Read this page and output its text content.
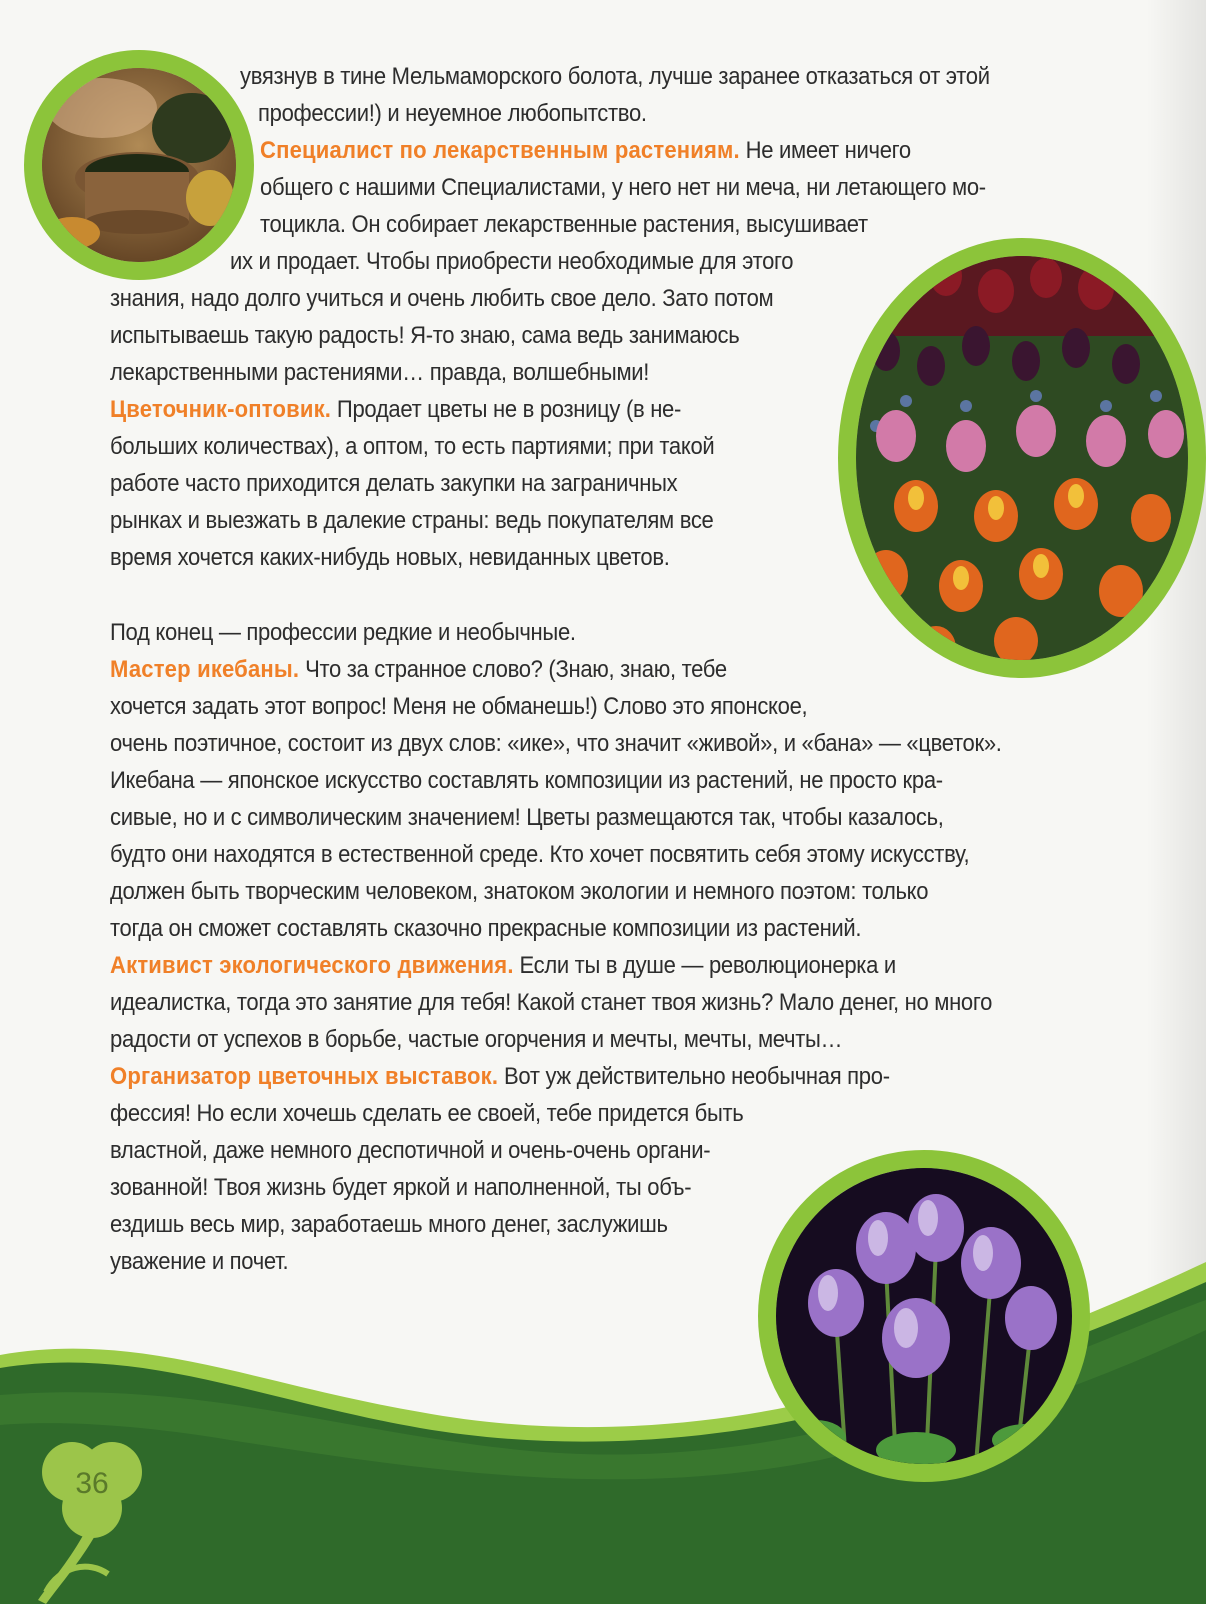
36
увязнув в тине Мельмаморского болота, лучше заранее отказаться от этой
профессии!) и неуемное любопытство.
Специалист по лекарственным растениям. Не имеет ничего
общего с нашими Специалистами, у него нет ни меча, ни летающего мо-
тоцикла. Он собирает лекарственные растения, высушивает
их и продает. Чтобы приобрести необходимые для этого
знания, надо долго учиться и очень любить свое дело. Зато потом
испытываешь такую радость! Я-то знаю, сама ведь занимаюсь
лекарственными растениями… правда, волшебными!
Цветочник-оптовик. Продает цветы не в розницу (в не-
больших количествах), а оптом, то есть партиями; при такой
работе часто приходится делать закупки на заграничных
рынках и выезжать в далекие страны: ведь покупателям все
время хочется каких-нибудь новых, невиданных цветов.
Под конец — профессии редкие и необычные.
Мастер икебаны. Что за странное слово? (Знаю, знаю, тебе
хочется задать этот вопрос! Меня не обманешь!) Слово это японское,
очень поэтичное, состоит из двух слов: «ике», что значит «живой», и «бана» — «цветок».
Икебана — японское искусство составлять композиции из растений, не просто кра-
сивые, но и с символическим значением! Цветы размещаются так, чтобы казалось,
будто они находятся в естественной среде. Кто хочет посвятить себя этому искусству,
должен быть творческим человеком, знатоком экологии и немного поэтом: только
тогда он сможет составлять сказочно прекрасные композиции из растений.
Активист экологического движения. Если ты в душе — революционерка и
идеалистка, тогда это занятие для тебя! Какой станет твоя жизнь? Мало денег, но много
радости от успехов в борьбе, частые огорчения и мечты, мечты, мечты…
Организатор цветочных выставок. Вот уж действительно необычная про-
фессия! Но если хочешь сделать ее своей, тебе придется быть
властной, даже немного деспотичной и очень-очень органи-
зованной! Твоя жизнь будет яркой и наполненной, ты объ-
ездишь весь мир, заработаешь много денег, заслужишь
уважение и почет.
